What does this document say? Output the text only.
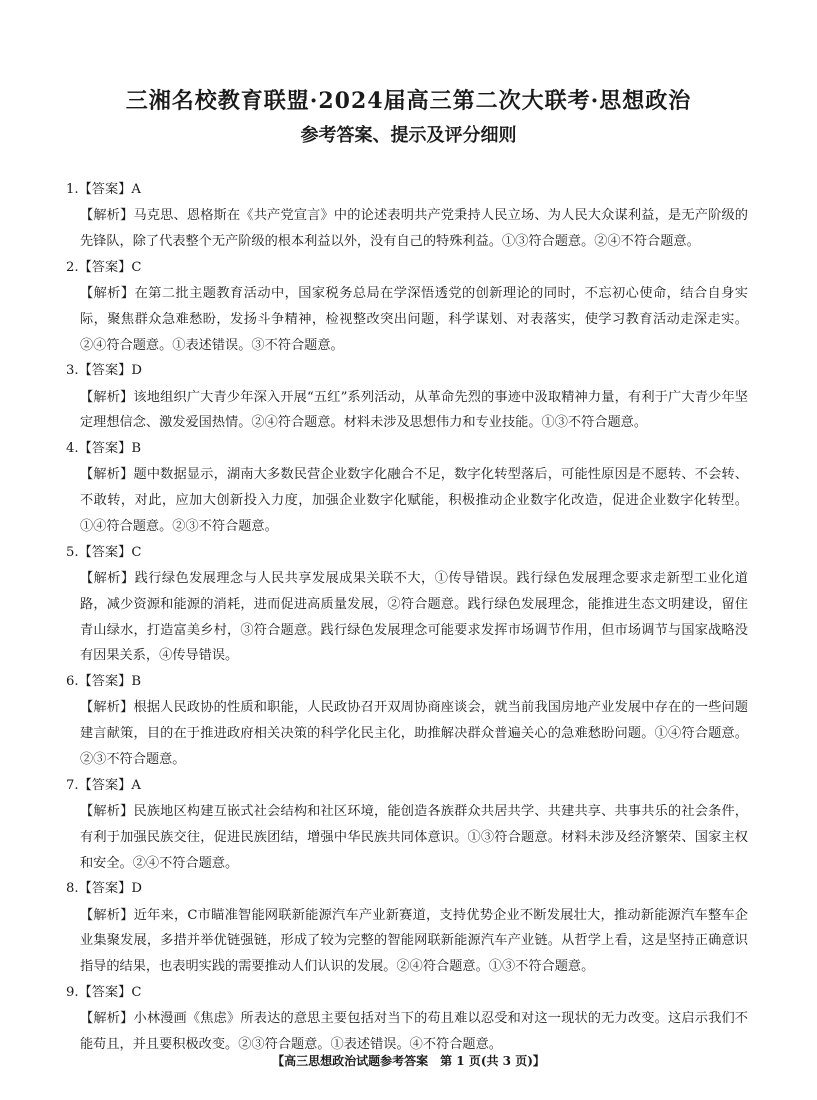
三湘名校教育联盟·2024届高三第二次大联考·思想政治
参考答案、提示及评分细则
1.【答案】A
【解析】马克思、恩格斯在《共产党宣言》中的论述表明共产党秉持人民立场、为人民大众谋利益，是无产阶级的先锋队，除了代表整个无产阶级的根本利益以外，没有自己的特殊利益。①③符合题意。②④不符合题意。
2.【答案】C
【解析】在第二批主题教育活动中，国家税务总局在学深悟透党的创新理论的同时，不忘初心使命，结合自身实际，聚焦群众急难愁盼，发扬斗争精神，检视整改突出问题，科学谋划、对表落实，使学习教育活动走深走实。②④符合题意。①表述错误。③不符合题意。
3.【答案】D
【解析】该地组织广大青少年深入开展“五红”系列活动，从革命先烈的事迹中汲取精神力量，有利于广大青少年坚定理想信念、激发爱国热情。②④符合题意。材料未涉及思想伟力和专业技能。①③不符合题意。
4.【答案】B
【解析】题中数据显示，湖南大多数民营企业数字化融合不足，数字化转型落后，可能性原因是不愿转、不会转、不敢转，对此，应加大创新投入力度，加强企业数字化赋能，积极推动企业数字化改造，促进企业数字化转型。①④符合题意。②③不符合题意。
5.【答案】C
【解析】践行绿色发展理念与人民共享发展成果关联不大，①传导错误。践行绿色发展理念要求走新型工业化道路，减少资源和能源的消耗，进而促进高质量发展，②符合题意。践行绿色发展理念，能推进生态文明建设，留住青山绿水，打造富美乡村，③符合题意。践行绿色发展理念可能要求发挥市场调节作用，但市场调节与国家战略没有因果关系，④传导错误。
6.【答案】B
【解析】根据人民政协的性质和职能，人民政协召开双周协商座谈会，就当前我国房地产业发展中存在的一些问题建言献策，目的在于推进政府相关决策的科学化民主化，助推解决群众普遍关心的急难愁盼问题。①④符合题意。②③不符合题意。
7.【答案】A
【解析】民族地区构建互嵌式社会结构和社区环境，能创造各族群众共居共学、共建共享、共事共乐的社会条件，有利于加强民族交往，促进民族团结，增强中华民族共同体意识。①③符合题意。材料未涉及经济繁荣、国家主权和安全。②④不符合题意。
8.【答案】D
【解析】近年来，C市瞄准智能网联新能源汽车产业新赛道，支持优势企业不断发展壮大，推动新能源汽车整车企业集聚发展，多措并举优链强链，形成了较为完整的智能网联新能源汽车产业链。从哲学上看，这是坚持正确意识指导的结果，也表明实践的需要推动人们认识的发展。②④符合题意。①③不符合题意。
9.【答案】C
【解析】小林漫画《焦虑》所表达的意思主要包括对当下的苟且难以忍受和对这一现状的无力改变。这启示我们不能苟且，并且要积极改变。②③符合题意。①表述错误。④不符合题意。
【高三思想政治试题参考答案　第 1 页(共 3 页)】
